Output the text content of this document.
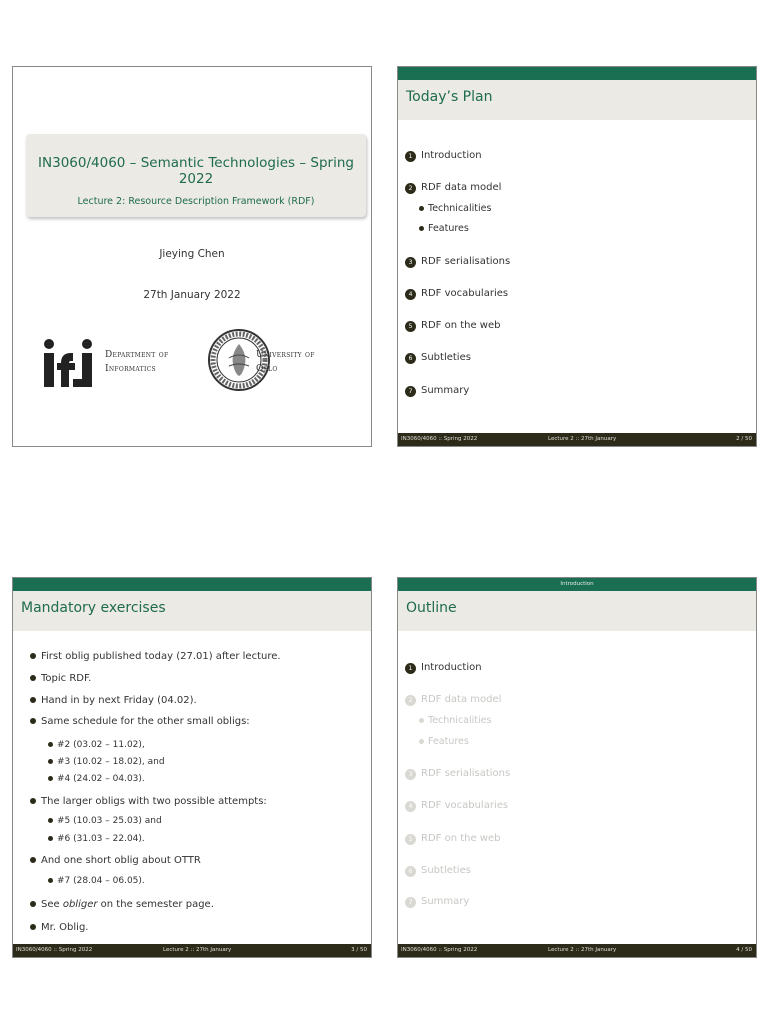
IN3060/4060 – Semantic Technologies – Spring 2022
Lecture 2: Resource Description Framework (RDF)
Jieying Chen
27th January 2022
Department of
Informatics
University of
Oslo
Today’s Plan
1 Introduction
2 RDF data model
Technicalities
Features
3 RDF serialisations
4 RDF vocabularies
5 RDF on the web
6 Subtleties
7 Summary
IN3060/4060 :: Spring 2022	Lecture 2 :: 27th January	2 / 50
Mandatory exercises
First oblig published today (27.01) after lecture.
Topic RDF.
Hand in by next Friday (04.02).
Same schedule for the other small obligs:
#2 (03.02 – 11.02),
#3 (10.02 – 18.02), and
#4 (24.02 – 04.03).
The larger obligs with two possible attempts:
#5 (10.03 – 25.03) and
#6 (31.03 – 22.04).
And one short oblig about OTTR
#7 (28.04 – 06.05).
See obliger on the semester page.
Mr. Oblig.
IN3060/4060 :: Spring 2022	Lecture 2 :: 27th January	3 / 50
Introduction
Outline
1 Introduction
2 RDF data model
Technicalities
Features
3 RDF serialisations
4 RDF vocabularies
5 RDF on the web
6 Subtleties
7 Summary
IN3060/4060 :: Spring 2022	Lecture 2 :: 27th January	4 / 50
